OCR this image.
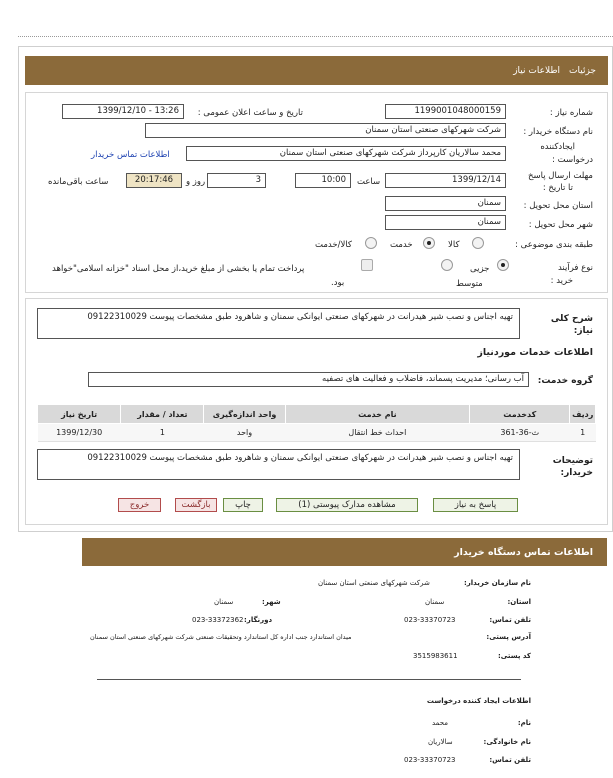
جزئیات
اطلاعات نیاز
شماره نیاز :
1199001048000159
تاریخ و ساعت اعلان عمومی :
1399/12/10 - 13:26
نام دستگاه خریدار :
شرکت شهرکهای صنعتی استان سمنان
ایجادکننده
درخواست :
محمد سالاریان کارپرداز شرکت شهرکهای صنعتی استان سمنان
اطلاعات تماس خریدار
مهلت ارسال پاسخ
تا تاریخ :
1399/12/14
ساعت
10:00
3
روز و
20:17:46
ساعت باقی‌مانده
استان محل تحویل :
سمنان
شهر محل تحویل :
سمنان
طبقه بندی موضوعی :
کالا
خدمت
کالا/خدمت
نوع فرآیند
خرید :
جزیی
متوسط
پرداخت تمام یا بخشی از مبلغ خرید،از محل اسناد "خزانه اسلامی"خواهد
بود.
شرح کلی
نیاز:
تهیه اجناس و نصب شیر هیدرانت در شهرکهای صنعتی ایوانکی سمنان و شاهرود طبق مشخصات پیوست 09122310029
اطلاعات خدمات موردنیاز
گروه خدمت:
آب رسانی؛ مدیریت پسماند، فاضلاب و فعالیت های تصفیه
ردیف	کدخدمت	نام خدمت	واحد اندازه‌گیری	تعداد / مقدار	تاریخ نیاز
1	ث-36-361	احداث خط انتقال	واحد	1	1399/12/30
توضیحات
خریدار:
تهیه اجناس و نصب شیر هیدرانت در شهرکهای صنعتی ایوانکی سمنان و شاهرود طبق مشخصات پیوست 09122310029
پاسخ به نیاز
مشاهده مدارک پیوستی (1)
چاپ
بازگشت
خروج
اطلاعات تماس دستگاه خریدار
نام سازمان خریدار:
شرکت شهرکهای صنعتی استان سمنان
استان:
سمنان
شهر:
سمنان
تلفن تماس:
023-33370723
دورنگار:
023-33372362
آدرس پستی:
میدان استاندارد جنب اداره کل استاندارد وتحقیقات صنعتی شرکت شهرکهای صنعتی استان سمنان
کد پستی:
3515983611
اطلاعات ایجاد کننده درخواست
نام:
محمد
نام خانوادگی:
سالاریان
تلفن تماس:
023-33370723
